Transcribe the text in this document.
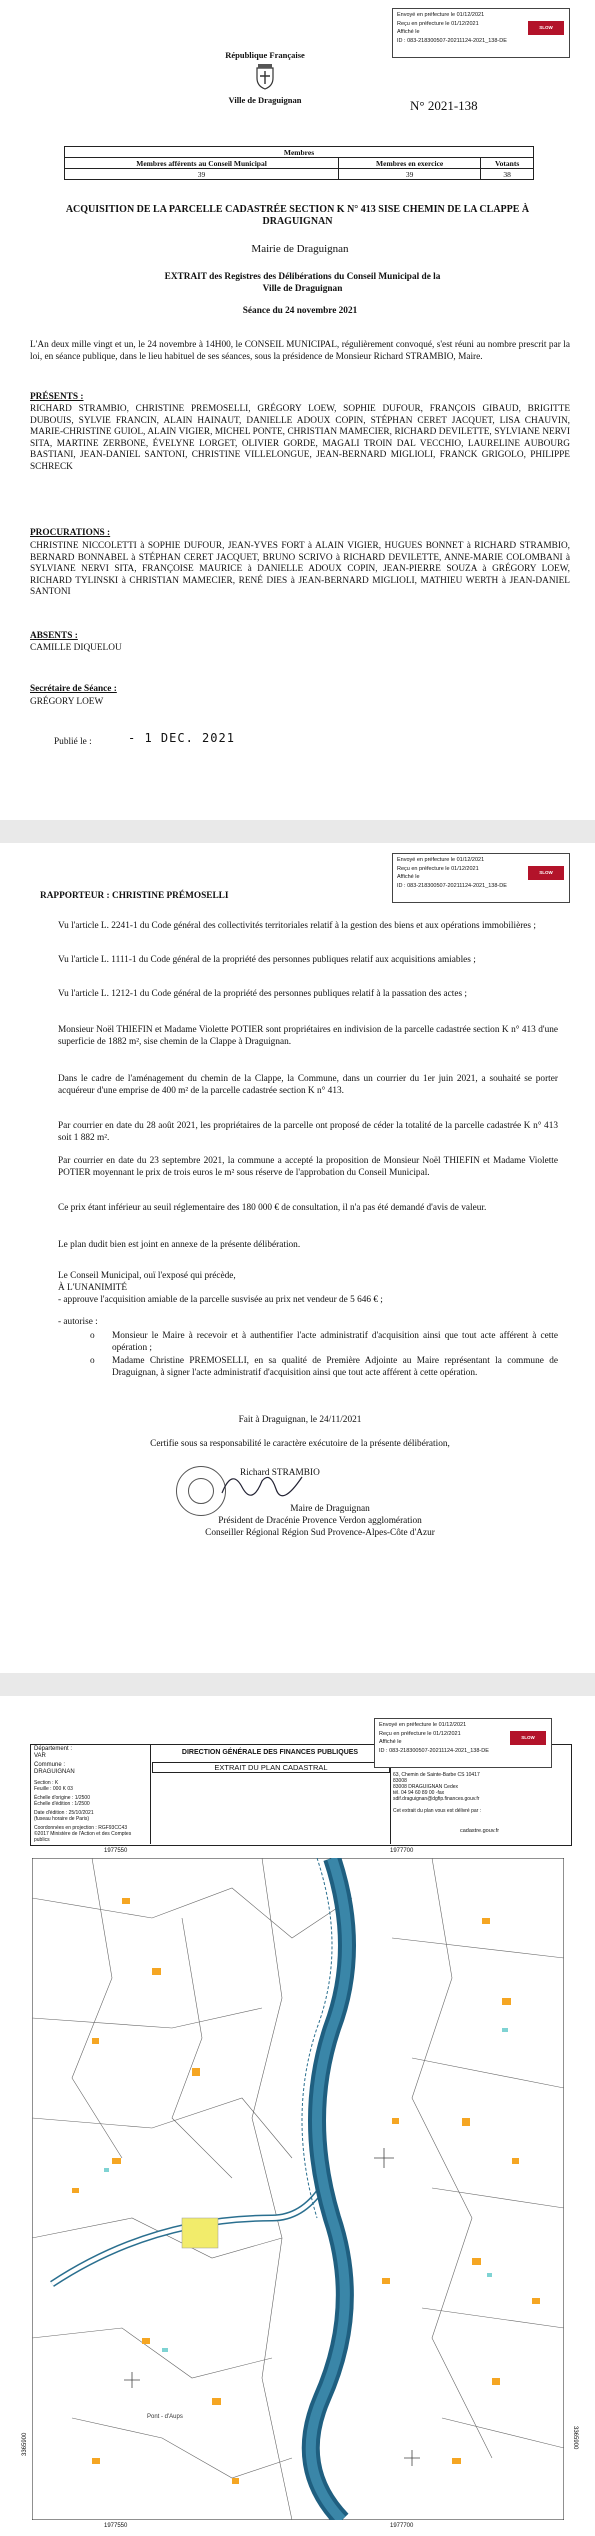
Envoyé en préfecture le 01/12/2021
Reçu en préfecture le 01/12/2021
Affiché le
ID : 083-218300507-20211124-2021_138-DE
SLOW
République Française
Ville de Draguignan	N° 2021-138
Membres		
Membres afférents au Conseil Municipal	Membres en exercice	Votants
39	39	38
ACQUISITION DE LA PARCELLE CADASTRÉE SECTION K N° 413 SISE CHEMIN DE LA CLAPPE À DRAGUIGNAN
Mairie de Draguignan
EXTRAIT des Registres des Délibérations du Conseil Municipal de la Ville de Draguignan
Séance du 24 novembre 2021
L'An deux mille vingt et un, le 24 novembre à 14H00, le CONSEIL MUNICIPAL, régulièrement convoqué, s'est réuni au nombre prescrit par la loi, en séance publique, dans le lieu habituel de ses séances, sous la présidence de Monsieur Richard STRAMBIO, Maire.
PRÉSENTS :
RICHARD STRAMBIO, CHRISTINE PREMOSELLI, GRÉGORY LOEW, SOPHIE DUFOUR, FRANÇOIS GIBAUD, BRIGITTE DUBOUIS, SYLVIE FRANCIN, ALAIN HAINAUT, DANIELLE ADOUX COPIN, STÉPHAN CERET JACQUET, LISA CHAUVIN, MARIE-CHRISTINE GUIOL, ALAIN VIGIER, MICHEL PONTE, CHRISTIAN MAMECIER, RICHARD DEVILETTE, SYLVIANE NERVI SITA, MARTINE ZERBONE, ÉVELYNE LORGET, OLIVIER GORDE, MAGALI TROIN DAL VECCHIO, LAURELINE AUBOURG BASTIANI, JEAN-DANIEL SANTONI, CHRISTINE VILLELONGUE, JEAN-BERNARD MIGLIOLI, FRANCK GRIGOLO, PHILIPPE SCHRECK
PROCURATIONS :
CHRISTINE NICCOLETTI à SOPHIE DUFOUR, JEAN-YVES FORT à ALAIN VIGIER, HUGUES BONNET à RICHARD STRAMBIO, BERNARD BONNABEL à STÉPHAN CERET JACQUET, BRUNO SCRIVO à RICHARD DEVILETTE, ANNE-MARIE COLOMBANI à SYLVIANE NERVI SITA, FRANÇOISE MAURICE à DANIELLE ADOUX COPIN, JEAN-PIERRE SOUZA à GRÉGORY LOEW, RICHARD TYLINSKI à CHRISTIAN MAMECIER, RENÉ DIES à JEAN-BERNARD MIGLIOLI, MATHIEU WERTH à JEAN-DANIEL SANTONI
ABSENTS :
CAMILLE DIQUELOU
Secrétaire de Séance :
GRÉGORY LOEW
Publié le :	- 1 DEC. 2021
Envoyé en préfecture le 01/12/2021
Reçu en préfecture le 01/12/2021
Affiché le
ID : 083-218300507-20211124-2021_138-DE
SLOW
RAPPORTEUR : CHRISTINE PRÉMOSELLI
Vu l'article L. 2241-1 du Code général des collectivités territoriales relatif à la gestion des biens et aux opérations immobilières ;
Vu l'article L. 1111-1 du Code général de la propriété des personnes publiques relatif aux acquisitions amiables ;
Vu l'article L. 1212-1 du Code général de la propriété des personnes publiques relatif à la passation des actes ;
Monsieur Noël THIEFIN et Madame Violette POTIER sont propriétaires en indivision de la parcelle cadastrée section K n° 413 d'une superficie de 1882 m², sise chemin de la Clappe à Draguignan.
Dans le cadre de l'aménagement du chemin de la Clappe, la Commune, dans un courrier du 1er juin 2021, a souhaité se porter acquéreur d'une emprise de 400 m² de la parcelle cadastrée section K n° 413.
Par courrier en date du 28 août 2021, les propriétaires de la parcelle ont proposé de céder la totalité de la parcelle cadastrée K n° 413 soit 1 882 m².
Par courrier en date du 23 septembre 2021, la commune a accepté la proposition de Monsieur Noël THIEFIN et Madame Violette POTIER moyennant le prix de trois euros le m² sous réserve de l'approbation du Conseil Municipal.
Ce prix étant inférieur au seuil réglementaire des 180 000 € de consultation, il n'a pas été demandé d'avis de valeur.
Le plan dudit bien est joint en annexe de la présente délibération.
Le Conseil Municipal, ouï l'exposé qui précède,
À L'UNANIMITÉ
- approuve l'acquisition amiable de la parcelle susvisée au prix net vendeur de 5 646 € ;
- autorise :
o Monsieur le Maire à recevoir et à authentifier l'acte administratif d'acquisition ainsi que tout acte afférent à cette opération ;
o Madame Christine PREMOSELLI, en sa qualité de Première Adjointe au Maire représentant la commune de Draguignan, à signer l'acte administratif d'acquisition ainsi que tout acte afférent à cette opération.
Fait à Draguignan, le 24/11/2021
Certifie sous sa responsabilité le caractère exécutoire de la présente délibération,
Richard STRAMBIO
Maire de Draguignan
Président de Dracénie Provence Verdon agglomération
Conseiller Régional Région Sud Provence-Alpes-Côte d'Azur
Département :
VAR
Commune :
DRAGUIGNAN
Section : K
Feuille : 000 K 03
Échelle d'origine : 1/2500
Échelle d'édition : 1/2500
Date d'édition : 25/10/2021
(fuseau horaire de Paris)
Coordonnées en projection : RGF93CC43
©2017 Ministère de l'Action et des Comptes publics
DIRECTION GÉNÉRALE DES FINANCES PUBLIQUES
EXTRAIT DU PLAN CADASTRAL
Envoyé en préfecture le 01/12/2021
Reçu en préfecture le 01/12/2021
Affiché le
ID : 083-218300507-20211124-2021_138-DE
SLOW
63, Chemin de Sainte-Barbe CS 10417
83008
83008 DRAGUIGNAN Cedex
tél. 04 94 60 89 00 -fax
sdif.draguignan@dgfip.finances.gouv.fr
Cet extrait du plan vous est délivré par :
cadastre.gouv.fr
1977550	1977700
1977550	1977700
3365900	3365900
Pont - d'Aups
